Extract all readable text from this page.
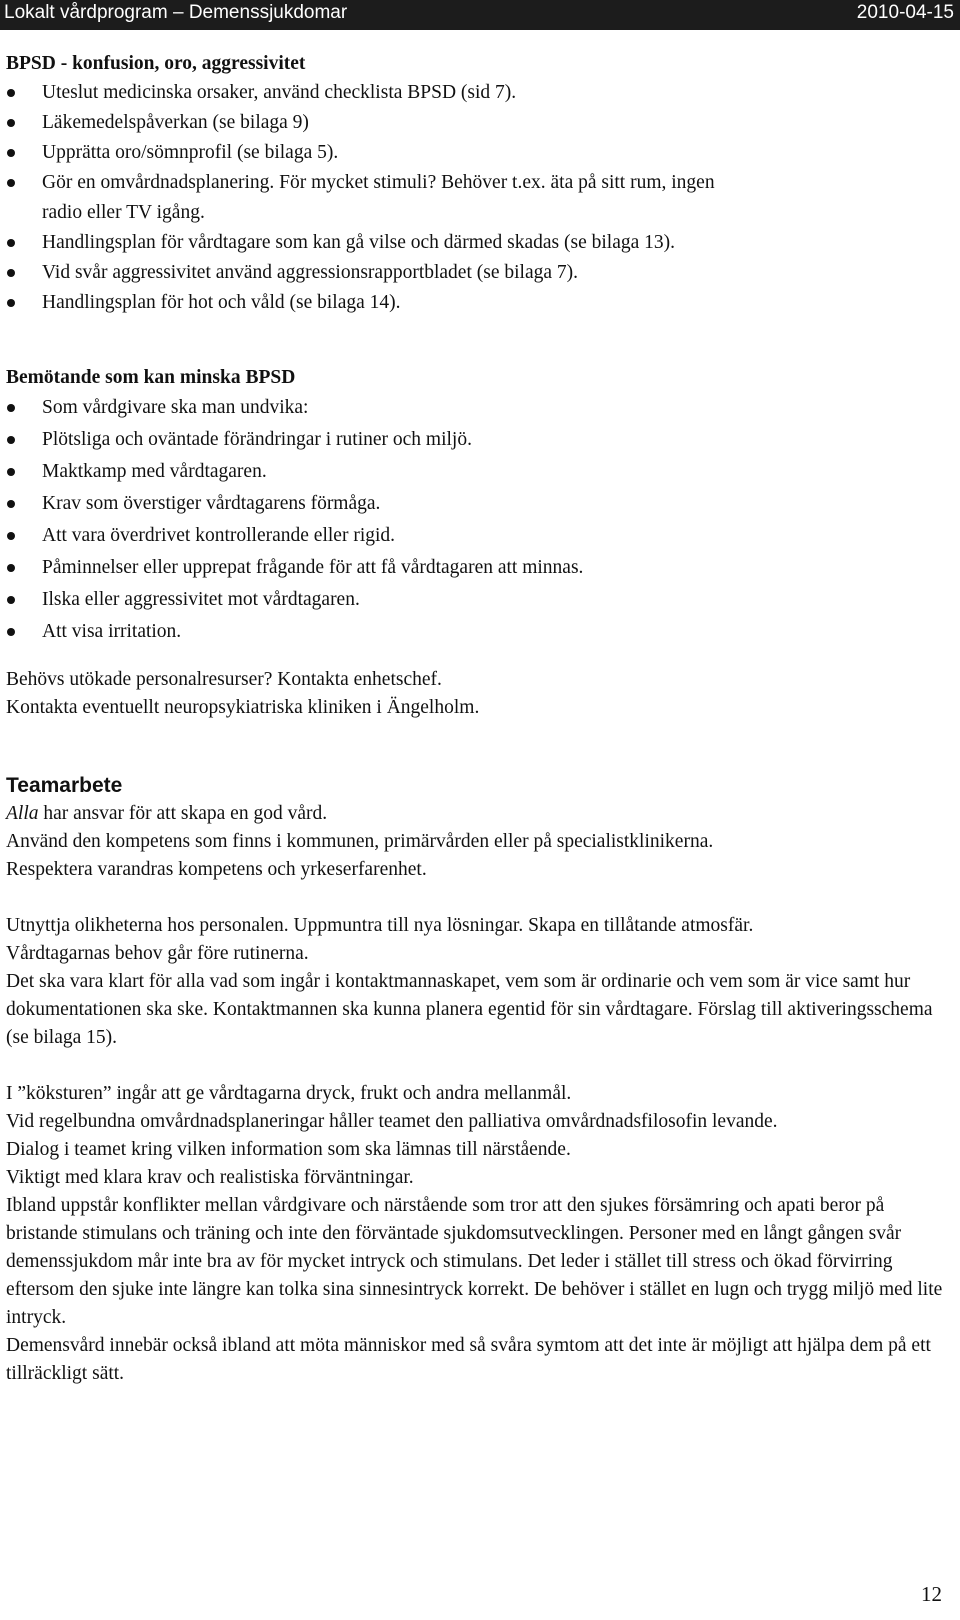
Lokalt vårdprogram – Demenssjukdomar	2010-04-15
BPSD - konfusion, oro, aggressivitet
Uteslut medicinska orsaker, använd checklista BPSD (sid 7).
Läkemedelspåverkan (se bilaga 9)
Upprätta oro/sömnprofil (se bilaga 5).
Gör en omvårdnadsplanering. För mycket stimuli? Behöver t.ex. äta på sitt rum, ingen radio eller TV igång.
Handlingsplan för vårdtagare som kan gå vilse och därmed skadas (se bilaga 13).
Vid svår aggressivitet använd aggressionsrapportbladet (se bilaga 7).
Handlingsplan för hot och våld (se bilaga 14).
Bemötande som kan minska BPSD
Som vårdgivare ska man undvika:
Plötsliga och oväntade förändringar i rutiner och miljö.
Maktkamp med vårdtagaren.
Krav som överstiger vårdtagarens förmåga.
Att vara överdrivet kontrollerande eller rigid.
Påminnelser eller upprepat frågande för att få vårdtagaren att minnas.
Ilska eller aggressivitet mot vårdtagaren.
Att visa irritation.

Behövs utökade personalresurser? Kontakta enhetschef.

Kontakta eventuellt neuropsykiatriska kliniken i Ängelholm.

Teamarbete

Alla har ansvar för att skapa en god vård.

Använd den kompetens som finns i kommunen, primärvården eller på specialistklinikerna.

Respektera varandras kompetens och yrkeserfarenhet.

Utnyttja olikheterna hos personalen. Uppmuntra till nya lösningar. Skapa en tillåtande atmosfär.

Vårdtagarnas behov går före rutinerna.

Det ska vara klart för alla vad som ingår i kontaktmannaskapet, vem som är ordinarie och vem som är vice samt hur dokumentationen ska ske. Kontaktmannen ska kunna planera egentid för sin vårdtagare. Förslag till aktiveringsschema (se bilaga 15).

I ”köksturen” ingår att ge vårdtagarna dryck, frukt och andra mellanmål.

Vid regelbundna omvårdnadsplaneringar håller teamet den palliativa omvårdnadsfilosofin levande.

Dialog i teamet kring vilken information som ska lämnas till närstående.

Viktigt med klara krav och realistiska förväntningar.

Ibland uppstår konflikter mellan vårdgivare och närstående som tror att den sjukes försämring och apati beror på bristande stimulans och träning och inte den förväntade sjukdomsutvecklingen. Personer med en långt gången svår demenssjukdom mår inte bra av för mycket intryck och stimulans. Det leder i stället till stress och ökad förvirring eftersom den sjuke inte längre kan tolka sina sinnesintryck korrekt. De behöver i stället en lugn och trygg miljö med lite intryck.

Demensvård innebär också ibland att möta människor med så svåra symtom att det inte är möjligt att hjälpa dem på ett tillräckligt sätt.

12
